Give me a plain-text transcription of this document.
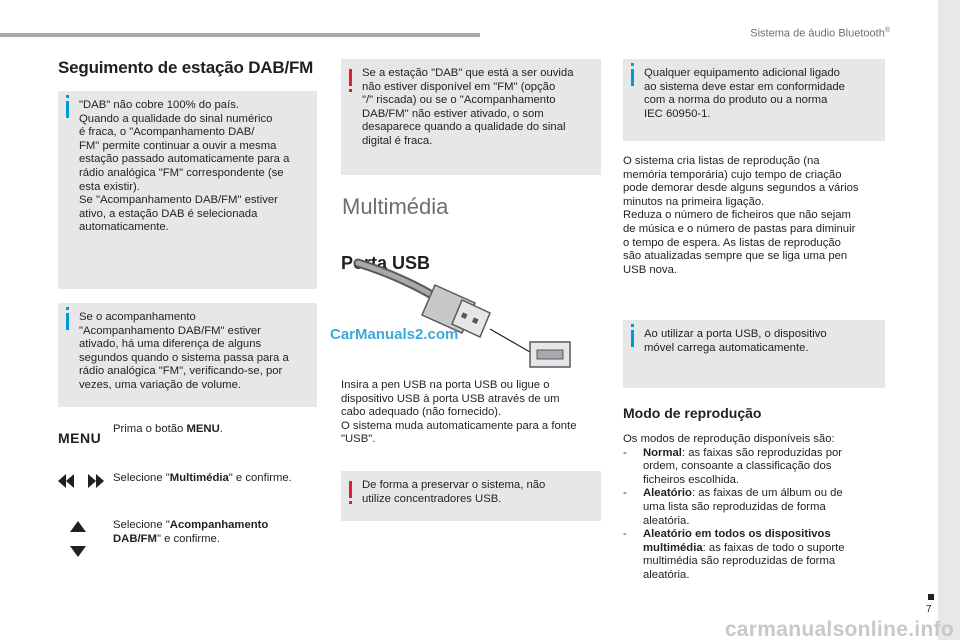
Sistema de áudio Bluetooth®
7
Seguimento de estação DAB/FM
"DAB" não cobre 100% do país.
Quando a qualidade do sinal numérico
é fraca, o "Acompanhamento DAB/
FM" permite continuar a ouvir a mesma
estação passado automaticamente para a
rádio analógica "FM" correspondente (se
esta existir).
Se "Acompanhamento DAB/FM" estiver
ativo, a estação DAB é selecionada
automaticamente.
Se o acompanhamento
"Acompanhamento DAB/FM" estiver
ativado, há uma diferença de alguns
segundos quando o sistema passa para a
rádio analógica "FM", verificando-se, por
vezes, uma variação de volume.
MENU
Prima o botão MENU.
Selecione "Multimédia" e confirme.
Selecione "Acompanhamento DAB/FM" e confirme.
Se a estação "DAB" que está a ser ouvida
não estiver disponível em "FM" (opção
"/" riscada) ou se o "Acompanhamento
DAB/FM" não estiver ativado, o som
desaparece quando a qualidade do sinal
digital é fraca.
Multimédia
Porta USB
CarManuals2.com
Insira a pen USB na porta USB ou ligue o
dispositivo USB à porta USB através de um
cabo adequado (não fornecido).
O sistema muda automaticamente para a fonte
"USB".
De forma a preservar o sistema, não
utilize concentradores USB.
Qualquer equipamento adicional ligado
ao sistema deve estar em conformidade
com a norma do produto ou a norma
IEC 60950-1.
O sistema cria listas de reprodução (na
memória temporária) cujo tempo de criação
pode demorar desde alguns segundos a vários
minutos na primeira ligação.
Reduza o número de ficheiros que não sejam
de música e o número de pastas para diminuir
o tempo de espera. As listas de reprodução
são atualizadas sempre que se liga uma pen
USB nova.
Ao utilizar a porta USB, o dispositivo
móvel carrega automaticamente.
Modo de reprodução
Os modos de reprodução disponíveis são:
- Normal: as faixas são reproduzidas por ordem, consoante a classificação dos ficheiros escolhida.
- Aleatório: as faixas de um álbum ou de uma lista são reproduzidas de forma aleatória.
- Aleatório em todos os dispositivos multimédia: as faixas de todo o suporte multimédia são reproduzidas de forma aleatória.
carmanualsonline.info
